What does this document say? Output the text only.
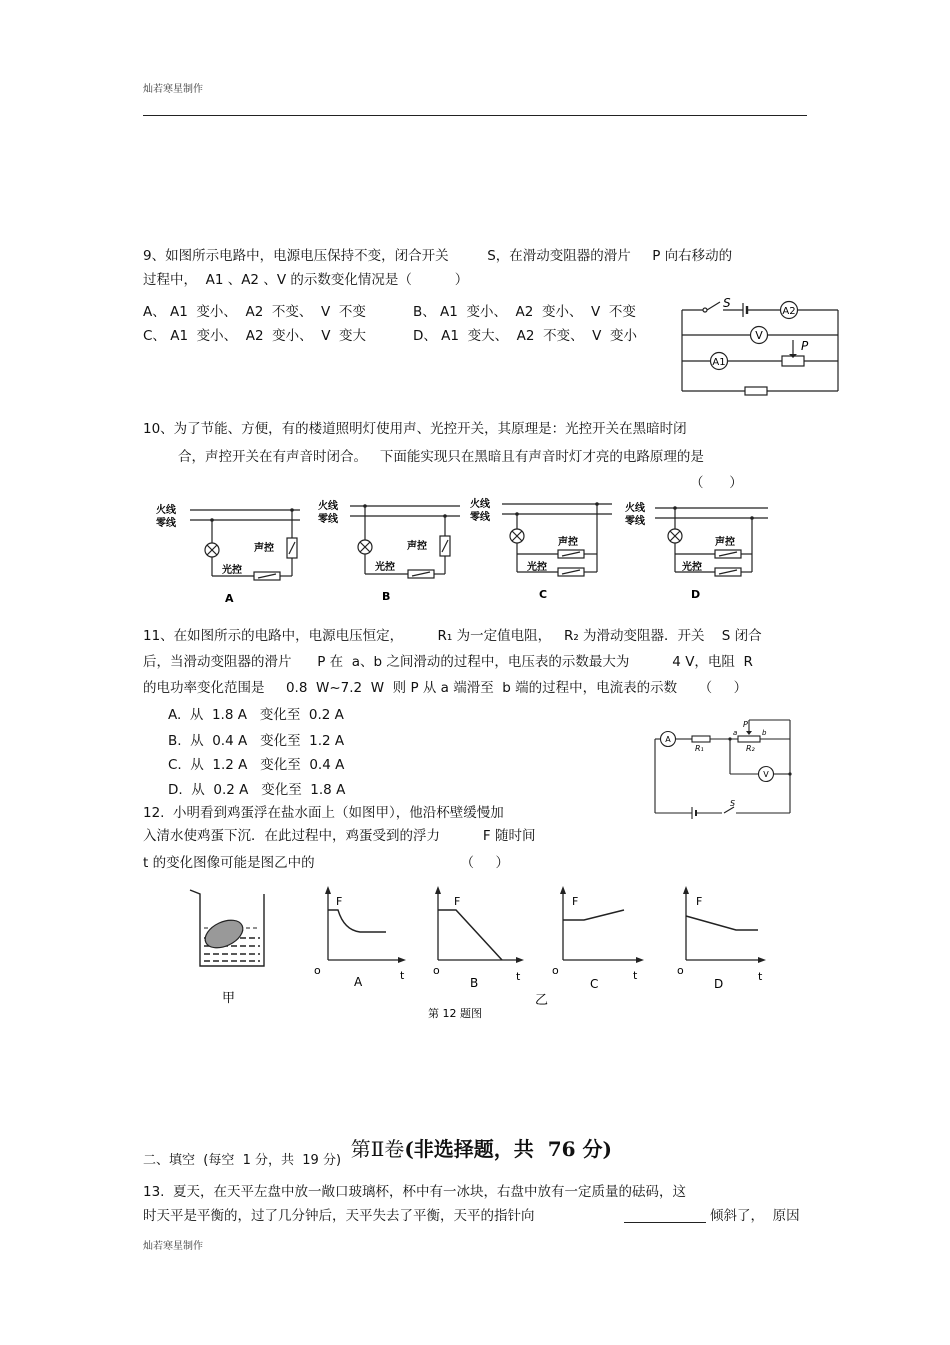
灿若寒星制作
9、如图所示电路中，电源电压保持不变，闭合开关         S，在滑动变阻器的滑片     P 向右移动的
过程中，  A1 、A2 、V 的示数变化情况是（          ）
A、 A1  变小、  A2  不变、  V  不变	B、 A1  变小、  A2  变小、  V  不变
C、 A1  变小、  A2  变小、  V  变大	D、 A1  变大、  A2  不变、  V  变小
S
A2
V
A1
P
10、为了节能、方便，有的楼道照明灯使用声、光控开关，其原理是：光控开关在黑暗时闭
合，声控开关在有声音时闭合。   下面能实现只在黑暗且有声音时灯才亮的电路原理的是
（      ）
火线
零线
声控
光控
A
火线
零线
声控
光控
B
火线
零线
声控
光控
C
火线
零线
声控
光控
D
11、在如图所示的电路中，电源电压恒定，        R₁ 为一定值电阻，   R₂ 为滑动变阻器．开关    S 闭合
后，当滑动变阻器的滑片      P 在  a、b 之间滑动的过程中，电压表的示数最大为          4 V，电阻  R
的电功率变化范围是     0.8  W~7.2  W  则 P 从 a 端滑至  b 端的过程中，电流表的示数     （     ）
A.  从  1.8 A   变化至  0.2 A
B.  从  0.4 A   变化至  1.2 A
C.  从  1.2 A   变化至  0.4 A
D.  从  0.2 A   变化至  1.8 A
A
V
R₁	R₂
P
a	b
S
12.  小明看到鸡蛋浮在盐水面上（如图甲），他沿杯壁缓慢加
入清水使鸡蛋下沉．在此过程中，鸡蛋受到的浮力          F 随时间
t 的变化图像可能是图乙中的                                  （     ）
甲
F
o	t
A
F
o	t
B
F
o	t
C
F
o	t
D
乙
第 12 题图

第Ⅱ卷(非选择题，共  76 分)

二、填空  (每空  1 分，共  19 分)
13.  夏天，在天平左盘中放一敞口玻璃杯，杯中有一冰块，右盘中放有一定质量的砝码，这
时天平是平衡的，过了几分钟后，天平失去了平衡，天平的指针向	倾斜了，  原因
灿若寒星制作
